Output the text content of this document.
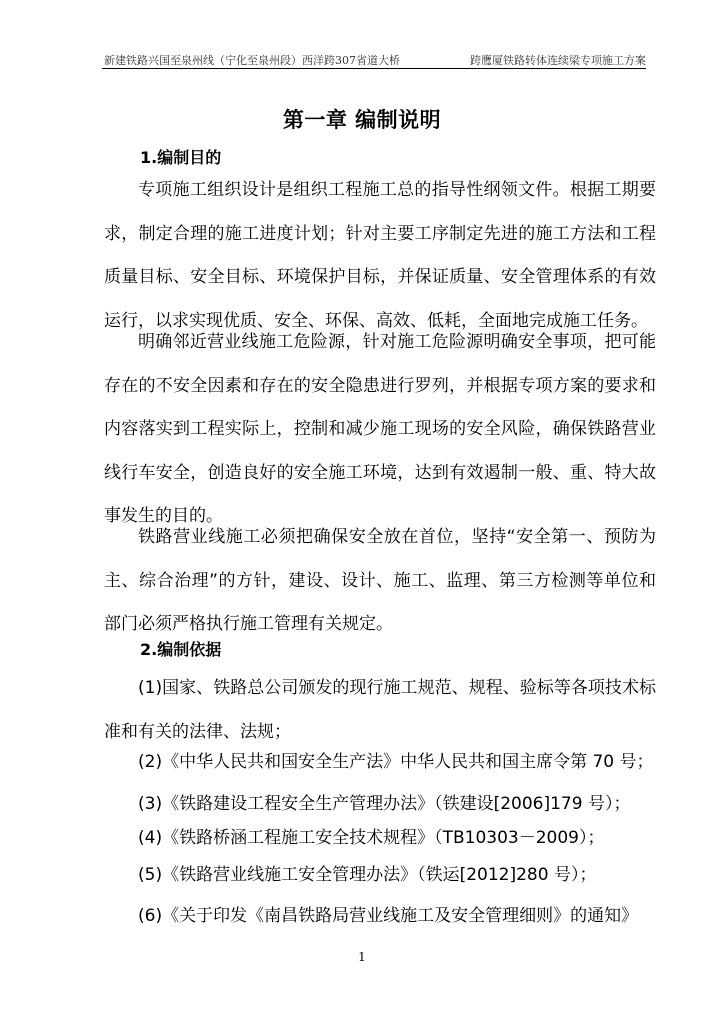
新建铁路兴国至泉州线（宁化至泉州段）西洋跨307省道大桥	跨鹰厦铁路转体连续梁专项施工方案
第一章 编制说明
1.编制目的

专项施工组织设计是组织工程施工总的指导性纲领文件。根据工期要求，制定合理的施工进度计划；针对主要工序制定先进的施工方法和工程质量目标、安全目标、环境保护目标，并保证质量、安全管理体系的有效运行，以求实现优质、安全、环保、高效、低耗，全面地完成施工任务。

明确邻近营业线施工危险源，针对施工危险源明确安全事项，把可能存在的不安全因素和存在的安全隐患进行罗列，并根据专项方案的要求和内容落实到工程实际上，控制和减少施工现场的安全风险，确保铁路营业线行车安全，创造良好的安全施工环境，达到有效遏制一般、重、特大故事发生的目的。

铁路营业线施工必须把确保安全放在首位，坚持“安全第一、预防为主、综合治理”的方针，建设、设计、施工、监理、第三方检测等单位和部门必须严格执行施工管理有关规定。

2.编制依据

(1)国家、铁路总公司颁发的现行施工规范、规程、验标等各项技术标准和有关的法律、法规；

(2)《中华人民共和国安全生产法》中华人民共和国主席令第 70 号；
(3)《铁路建设工程安全生产管理办法》（铁建设[2006]179 号）；
(4)《铁路桥涵工程施工安全技术规程》（TB10303－2009）；
(5)《铁路营业线施工安全管理办法》（铁运[2012]280 号）；
(6)《关于印发《南昌铁路局营业线施工及安全管理细则》的通知》
1
